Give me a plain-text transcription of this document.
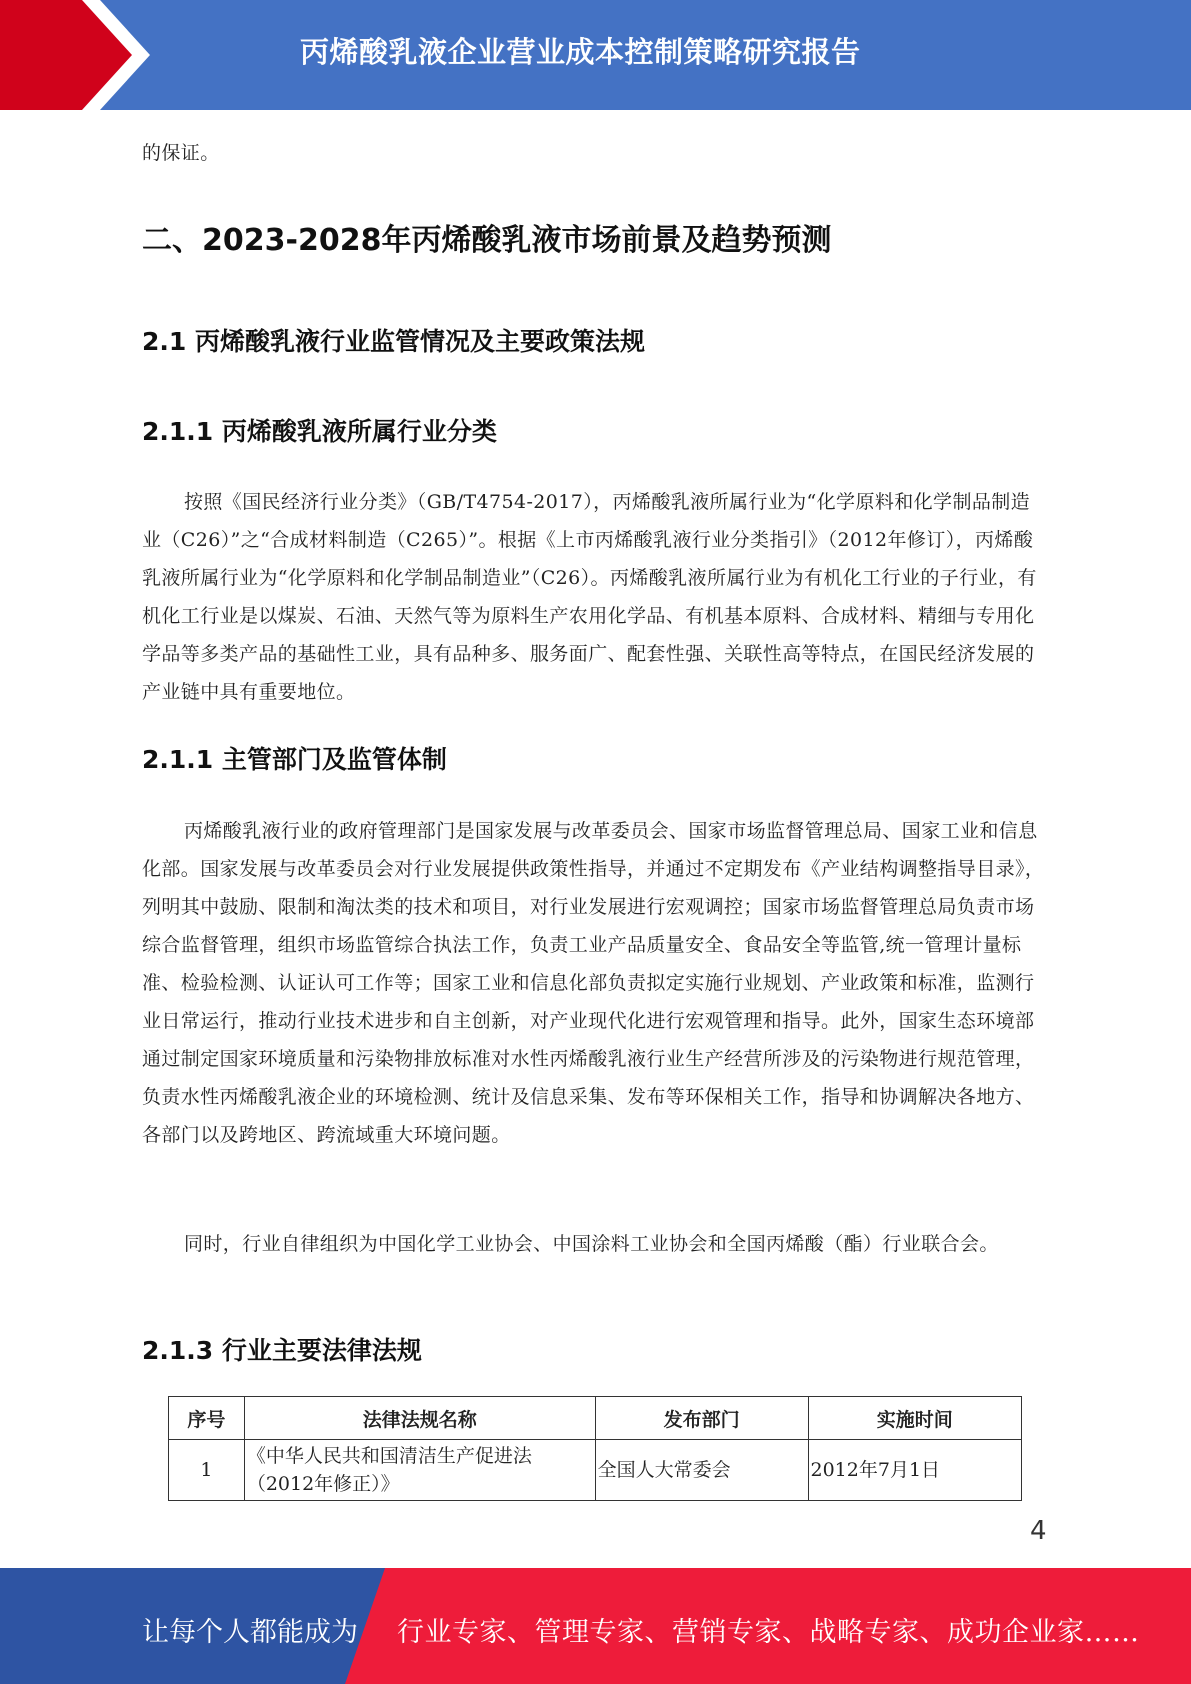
丙烯酸乳液企业营业成本控制策略研究报告

的保证。

二、2023-2028年丙烯酸乳液市场前景及趋势预测
2.1 丙烯酸乳液行业监管情况及主要政策法规
2.1.1 丙烯酸乳液所属行业分类

按照《国民经济行业分类》（GB/T4754-2017），丙烯酸乳液所属行业为“化学原料和化学制品制造业（C26）”之“合成材料制造（C265）”。根据《上市丙烯酸乳液行业分类指引》（2012年修订），丙烯酸乳液所属行业为“化学原料和化学制品制造业”（C26）。丙烯酸乳液所属行业为有机化工行业的子行业，有机化工行业是以煤炭、石油、天然气等为原料生产农用化学品、有机基本原料、合成材料、精细与专用化学品等多类产品的基础性工业，具有品种多、服务面广、配套性强、关联性高等特点，在国民经济发展的产业链中具有重要地位。

2.1.1 主管部门及监管体制

丙烯酸乳液行业的政府管理部门是国家发展与改革委员会、国家市场监督管理总局、国家工业和信息化部。国家发展与改革委员会对行业发展提供政策性指导，并通过不定期发布《产业结构调整指导目录》，列明其中鼓励、限制和淘汰类的技术和项目，对行业发展进行宏观调控；国家市场监督管理总局负责市场综合监督管理，组织市场监管综合执法工作，负责工业产品质量安全、食品安全等监管,统一管理计量标准、检验检测、认证认可工作等；国家工业和信息化部负责拟定实施行业规划、产业政策和标准，监测行业日常运行，推动行业技术进步和自主创新，对产业现代化进行宏观管理和指导。此外，国家生态环境部通过制定国家环境质量和污染物排放标准对水性丙烯酸乳液行业生产经营所涉及的污染物进行规范管理，负责水性丙烯酸乳液企业的环境检测、统计及信息采集、发布等环保相关工作，指导和协调解决各地方、各部门以及跨地区、跨流域重大环境问题。

同时，行业自律组织为中国化学工业协会、中国涂料工业协会和全国丙烯酸（酯）行业联合会。

2.1.3 行业主要法律法规
序号	法律法规名称	发布部门	实施时间
1	《中华人民共和国清洁生产促进法（2012年修正）》	全国人大常委会	2012年7月1日
4
让每个人都能成为 行业专家、管理专家、营销专家、战略专家、成功企业家……
